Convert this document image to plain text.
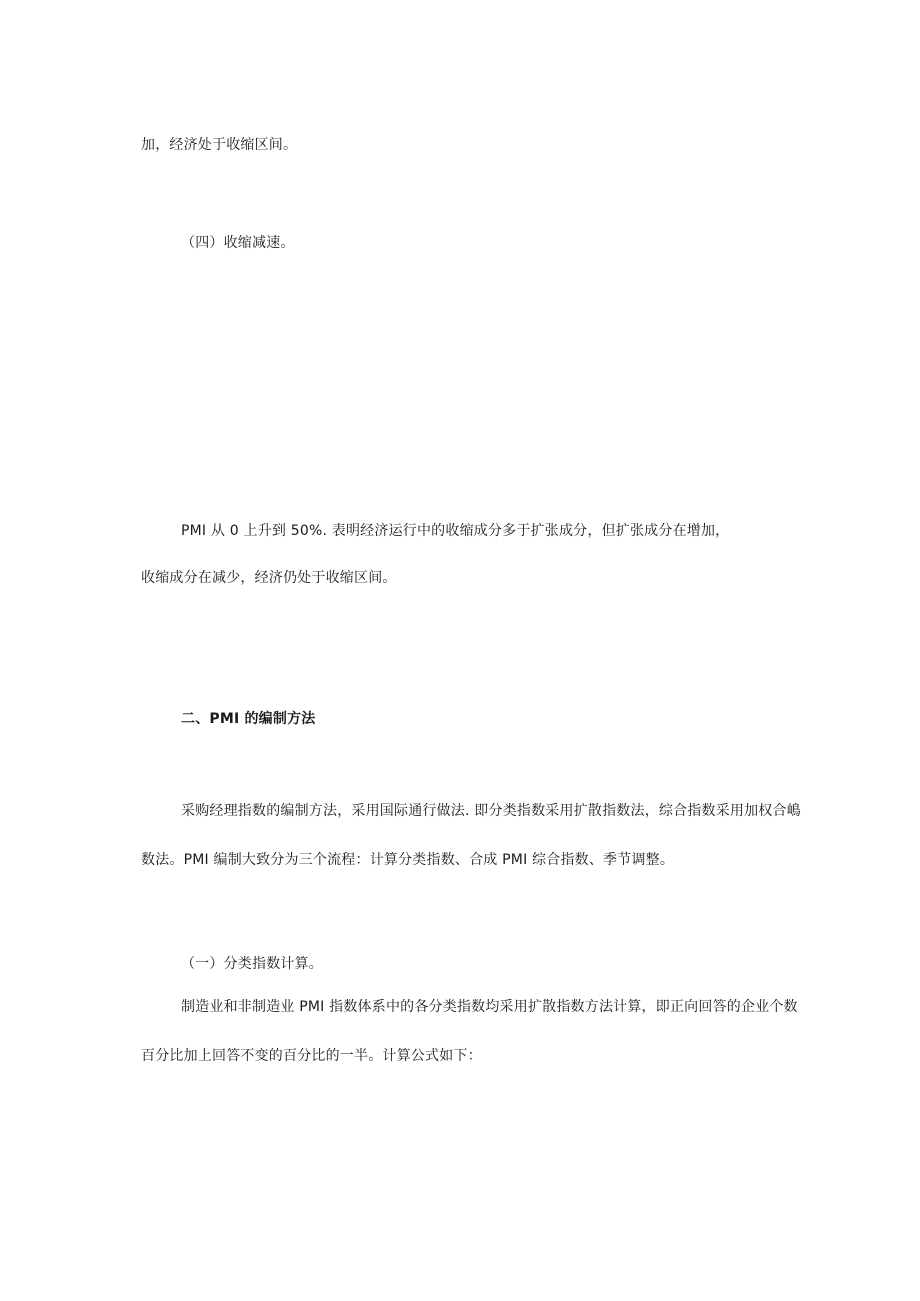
加，经济处于收缩区间。
（四）收缩减速。
PMI 从 0 上升到 50%. 表明经济运行中的收缩成分多于扩张成分，但扩张成分在增加，
收缩成分在减少，经济仍处于收缩区间。
二、PMI 的编制方法
采购经理指数的编制方法，采用国际通行做法. 即分类指数采用扩散指数法，综合指数采用加权合嶋
数法。PMI 编制大致分为三个流程：计算分类指数、合成 PMI 综合指数、季节调整。
（一）分类指数计算。
制造业和非制造业 PMI 指数体系中的各分类指数均采用扩散指数方法计算，即正向回答的企业个数
百分比加上回答不变的百分比的一半。计算公式如下：
